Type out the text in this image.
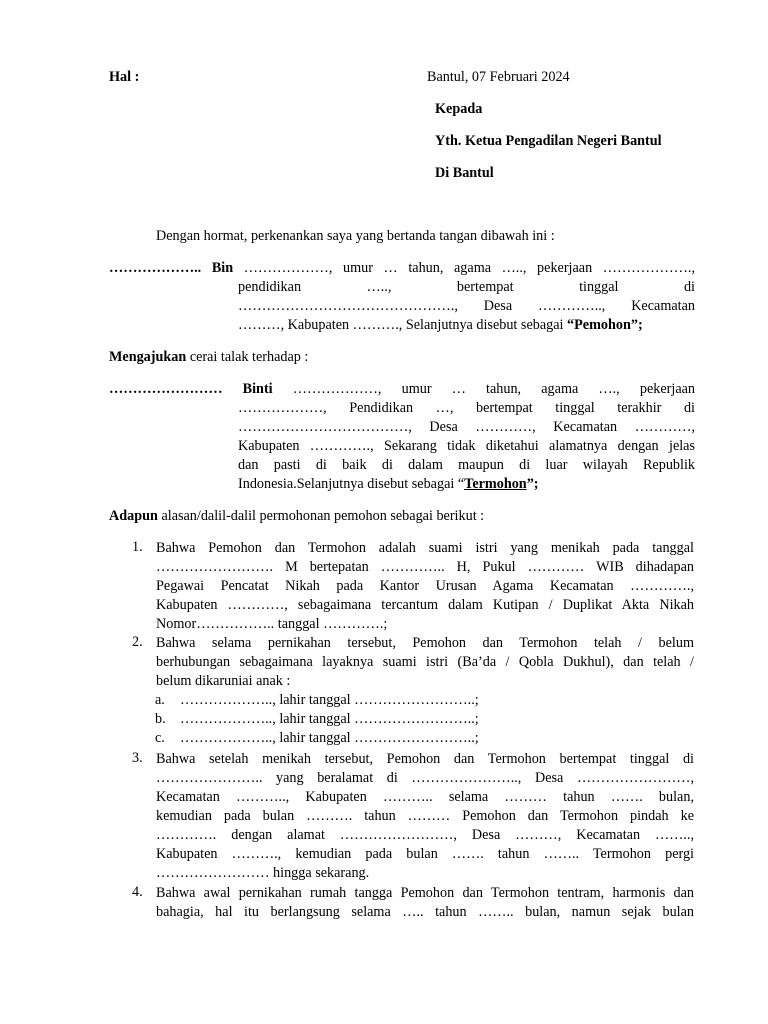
Hal :	Bantul, 07 Februari 2024
Kepada
Yth. Ketua Pengadilan Negeri Bantul
Di Bantul
Dengan hormat, perkenankan saya yang bertanda tangan dibawah ini :
……………….. Bin ………………, umur … tahun, agama ….., pekerjaan ……………….,
pendidikan ….., bertempat tinggal di
………………………………………., Desa ………….., Kecamatan
………, Kabupaten ………., Selanjutnya disebut sebagai “Pemohon”;
Mengajukan cerai talak terhadap :
…………………… Binti ………………, umur … tahun, agama …., pekerjaan
………………, Pendidikan …, bertempat tinggal terakhir di
………………………………, Desa …………, Kecamatan …………,
Kabupaten …………., Sekarang tidak diketahui alamatnya dengan jelas
dan pasti di baik di dalam maupun di luar wilayah Republik
Indonesia.Selanjutnya disebut sebagai “Termohon”;
Adapun alasan/dalil-dalil permohonan pemohon sebagai berikut :
1. Bahwa Pemohon dan Termohon adalah suami istri yang menikah pada tanggal
……………………. M bertepatan ………….. H, Pukul ………… WIB dihadapan
Pegawai Pencatat Nikah pada Kantor Urusan Agama Kecamatan ………….,
Kabupaten …………, sebagaimana tercantum dalam Kutipan / Duplikat Akta Nikah
Nomor…………….. tanggal ………….;
2. Bahwa selama pernikahan tersebut, Pemohon dan Termohon telah / belum
berhubungan sebagaimana layaknya suami istri (Ba’da / Qobla Dukhul), dan telah /
belum dikaruniai anak :
a. ……………….., lahir tanggal ……………………..;
b. ……………….., lahir tanggal ……………………..;
c. ……………….., lahir tanggal ……………………..;
3. Bahwa setelah menikah tersebut, Pemohon dan Termohon bertempat tinggal di
………………….. yang beralamat di ………………….., Desa ……………………,
Kecamatan ……….., Kabupaten ……….. selama ……… tahun ……. bulan,
kemudian pada bulan ………. tahun ……… Pemohon dan Termohon pindah ke
…………. dengan alamat ……………………, Desa ………, Kecamatan ……..,
Kabupaten ………., kemudian pada bulan ……. tahun …….. Termohon pergi
…………………… hingga sekarang.
4. Bahwa awal pernikahan rumah tangga Pemohon dan Termohon tentram, harmonis dan
bahagia, hal itu berlangsung selama ….. tahun …….. bulan, namun sejak bulan
